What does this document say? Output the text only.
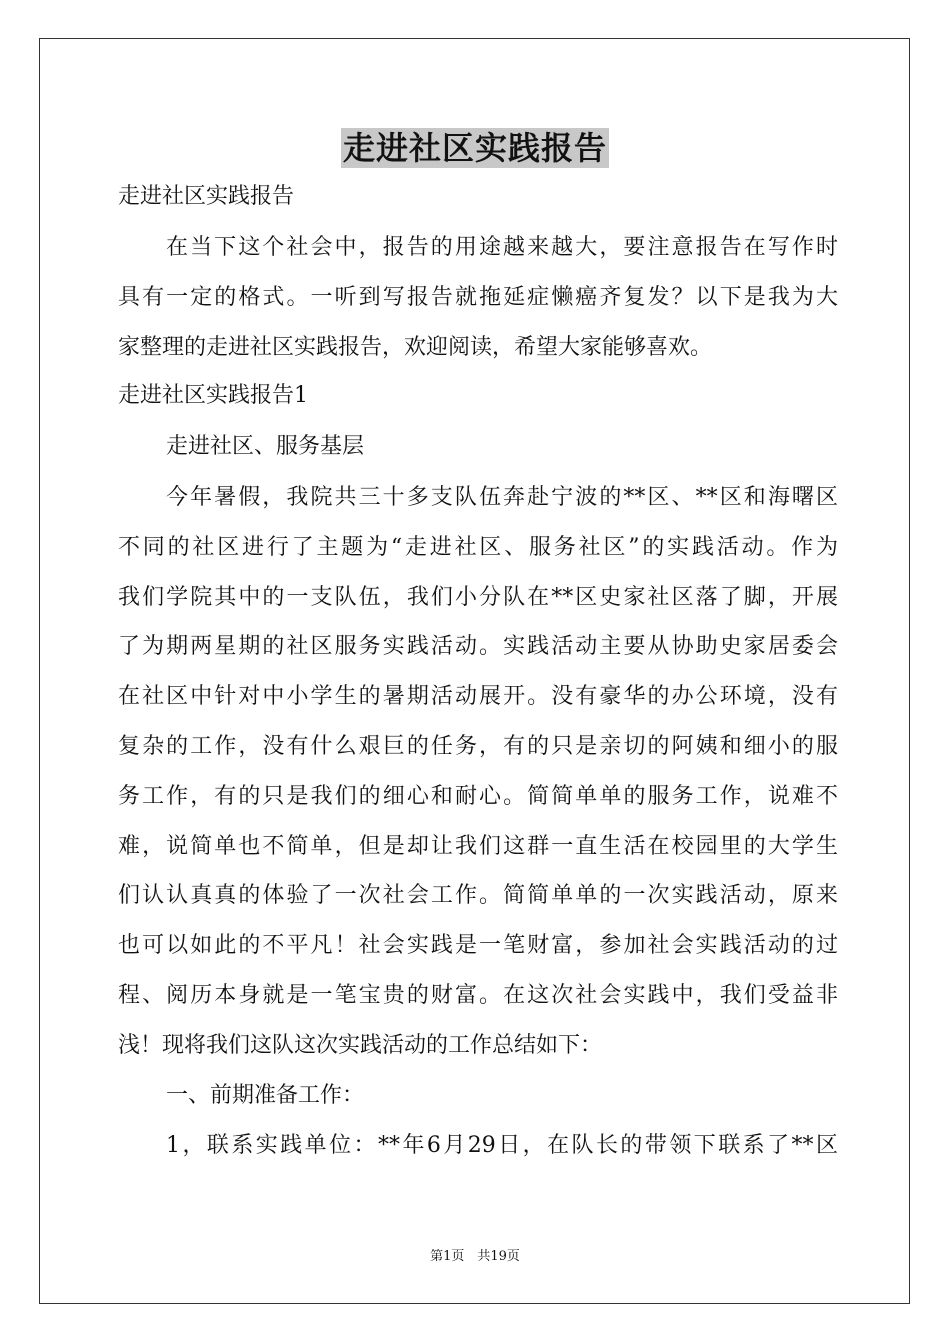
走进社区实践报告
走进社区实践报告
在当下这个社会中，报告的用途越来越大，要注意报告在写作时
具有一定的格式。一听到写报告就拖延症懒癌齐复发？以下是我为大
家整理的走进社区实践报告，欢迎阅读，希望大家能够喜欢。
走进社区实践报告1
走进社区、服务基层
今年暑假，我院共三十多支队伍奔赴宁波的**区、**区和海曙区
不同的社区进行了主题为“走进社区、服务社区”的实践活动。作为
我们学院其中的一支队伍，我们小分队在**区史家社区落了脚，开展
了为期两星期的社区服务实践活动。实践活动主要从协助史家居委会
在社区中针对中小学生的暑期活动展开。没有豪华的办公环境，没有
复杂的工作，没有什么艰巨的任务，有的只是亲切的阿姨和细小的服
务工作，有的只是我们的细心和耐心。简简单单的服务工作，说难不
难，说简单也不简单，但是却让我们这群一直生活在校园里的大学生
们认认真真的体验了一次社会工作。简简单单的一次实践活动，原来
也可以如此的不平凡！社会实践是一笔财富，参加社会实践活动的过
程、阅历本身就是一笔宝贵的财富。在这次社会实践中，我们受益非
浅！现将我们这队这次实践活动的工作总结如下：
一、前期准备工作：
1，联系实践单位：**年6月29日，在队长的带领下联系了**区
第1页　共19页
